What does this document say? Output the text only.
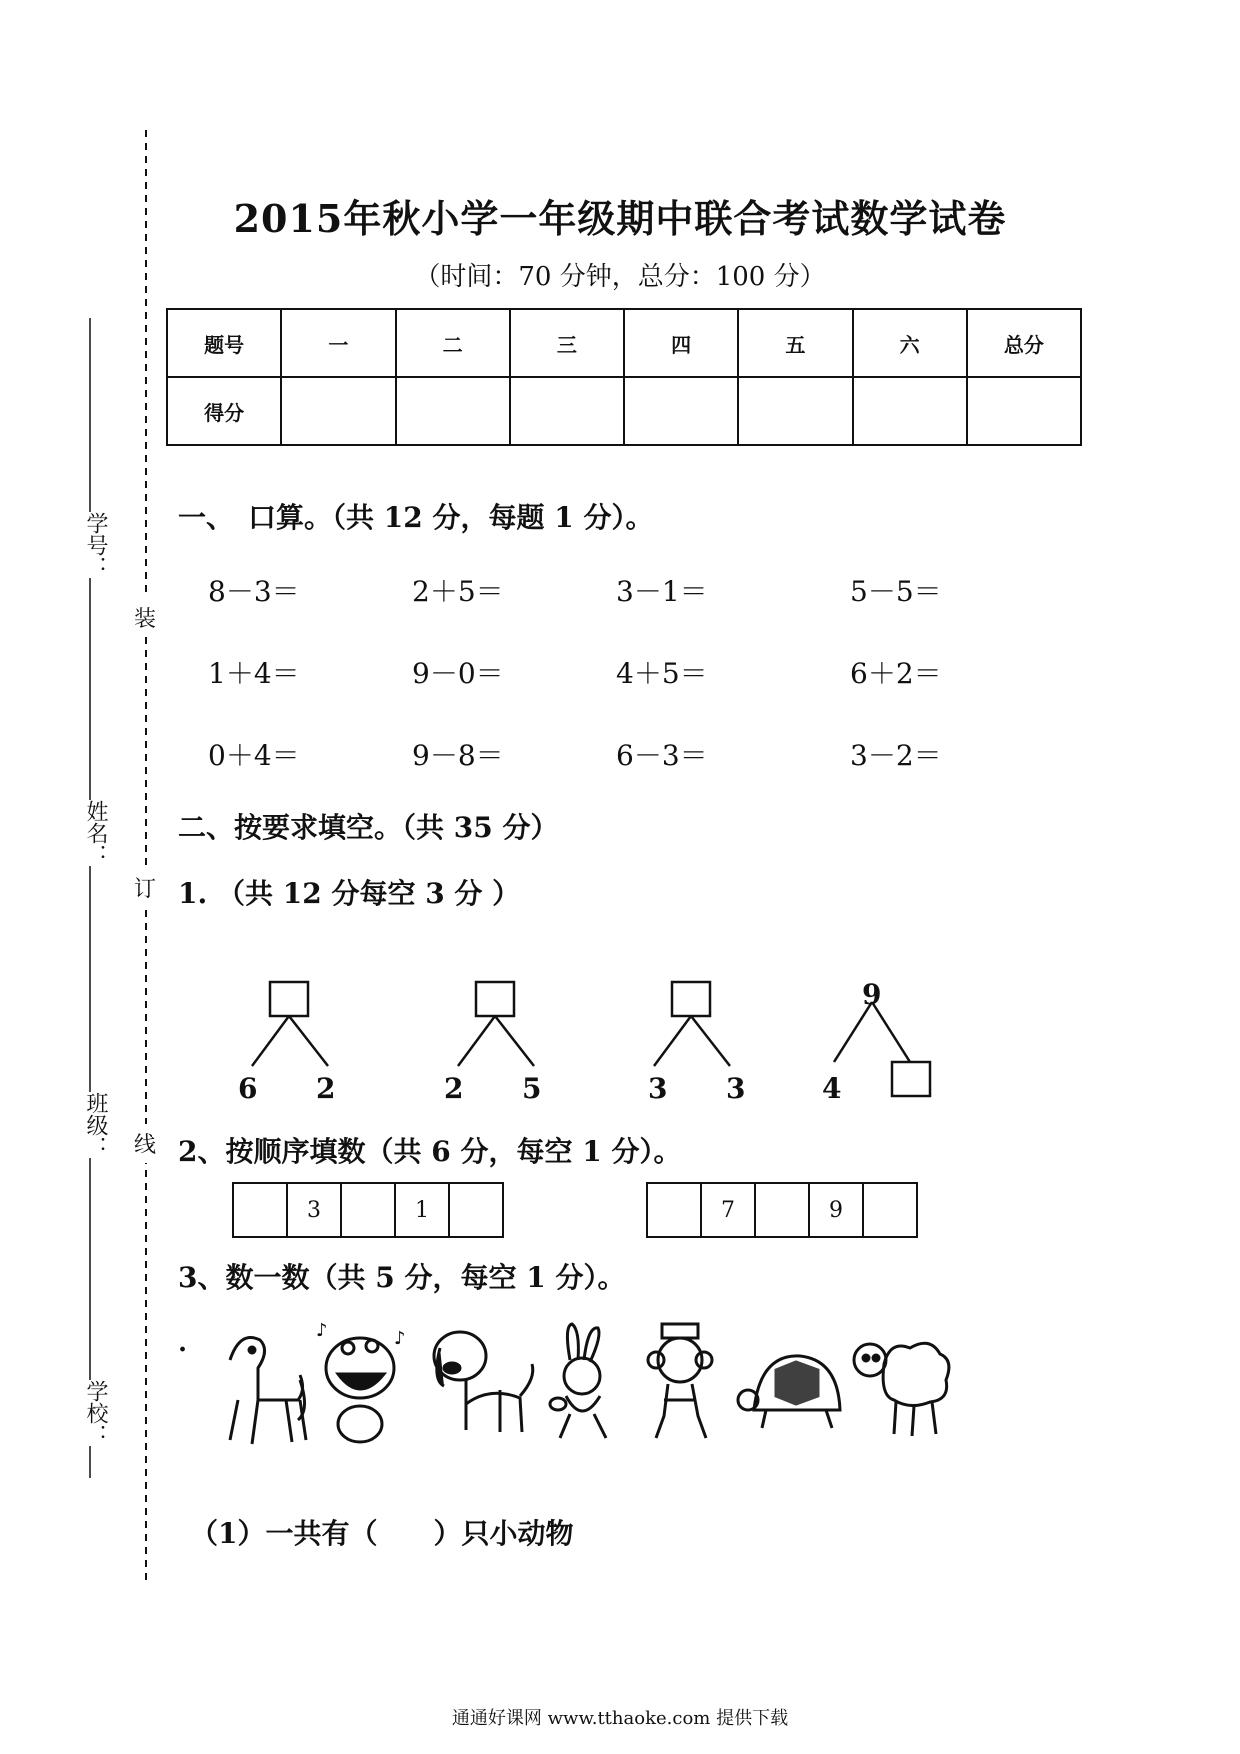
学号：
姓名：
班级：
学校：
装
订
线
2015年秋小学一年级期中联合考试数学试卷
（时间：70 分钟，总分：100 分）
题号	一	二	三	四	五	六	总分
得分							
一、　口算。（共 12 分，每题 1 分）。
8－3＝	2＋5＝	3－1＝	5－5＝
1＋4＝	9－0＝	4＋5＝	6＋2＝
0＋4＝	9－8＝	6－3＝	3－2＝
二、按要求填空。（共 35 分）
1. （共 12 分每空 3 分 ）
6 2	2 5	3 3
9
4
2、按顺序填数（共 6 分，每空 1 分）。
3	1	7	9
3、数一数（共 5 分，每空 1 分）。
.	♪	♪
（1）一共有（　　）只小动物
通通好课网 www.tthaoke.com 提供下载
